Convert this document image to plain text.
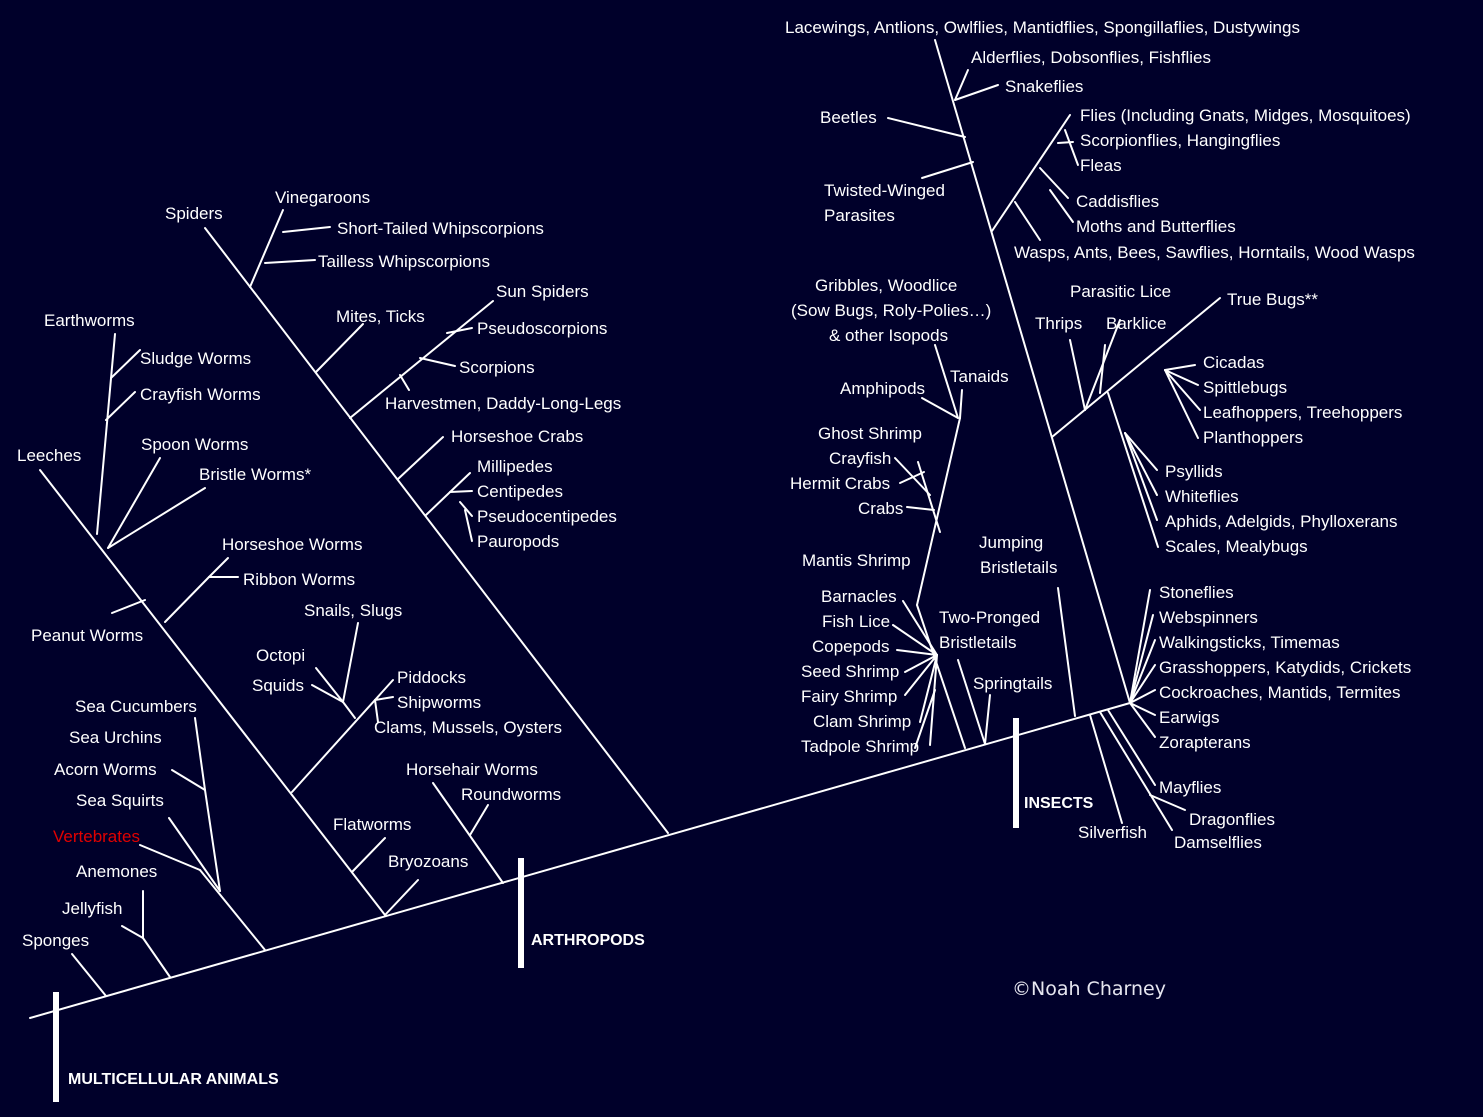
Sponges
Jellyfish
Anemones
Vertebrates
Sea Squirts
Acorn Worms
Sea Urchins
Sea Cucumbers
Peanut Worms
Leeches
Earthworms
Sludge Worms
Crayfish Worms
Spoon Worms
Bristle Worms*
Horseshoe Worms
Ribbon Worms
Snails, Slugs
Octopi
Squids	Piddocks
Shipworms
Clams, Mussels, Oysters
Flatworms
Bryozoans
Horsehair Worms
Roundworms
Spiders
Vinegaroons
Short-Tailed Whipscorpions
Tailless Whipscorpions
Mites, Ticks
Sun Spiders
Pseudoscorpions
Scorpions
Harvestmen, Daddy-Long-Legs
Horseshoe Crabs
Millipedes
Centipedes
Pseudocentipedes
Pauropods
Lacewings, Antlions, Owlflies, Mantidflies, Spongillaflies, Dustywings
Alderflies, Dobsonflies, Fishflies
Snakeflies
Beetles
Twisted-Winged
Parasites
Flies (Including Gnats, Midges, Mosquitoes)
Scorpionflies, Hangingflies
Fleas
Caddisflies
Moths and Butterflies
Wasps, Ants, Bees, Sawflies, Horntails, Wood Wasps
Gribbles, Woodlice
(Sow Bugs, Roly-Polies…)
& other Isopods
Amphipods
Tanaids
Ghost Shrimp
Crayfish
Hermit Crabs
Crabs
Mantis Shrimp
Barnacles
Fish Lice
Copepods
Seed Shrimp
Fairy Shrimp
Clam Shrimp
Tadpole Shrimp
Jumping
Bristletails
Two-Pronged
Bristletails
Springtails
Parasitic Lice
Thrips Barklice
True Bugs**
Cicadas
Spittlebugs
Leafhoppers, Treehoppers
Planthoppers
Psyllids
Whiteflies
Aphids, Adelgids, Phylloxerans
Scales, Mealybugs
Stoneflies
Webspinners
Walkingsticks, Timemas
Grasshoppers, Katydids, Crickets
Cockroaches, Mantids, Termites
Earwigs
Zorapterans
Mayflies
Dragonflies
Damselflies
Silverfish
MULTICELLULAR ANIMALS
ARTHROPODS
INSECTS
©Noah Charney
